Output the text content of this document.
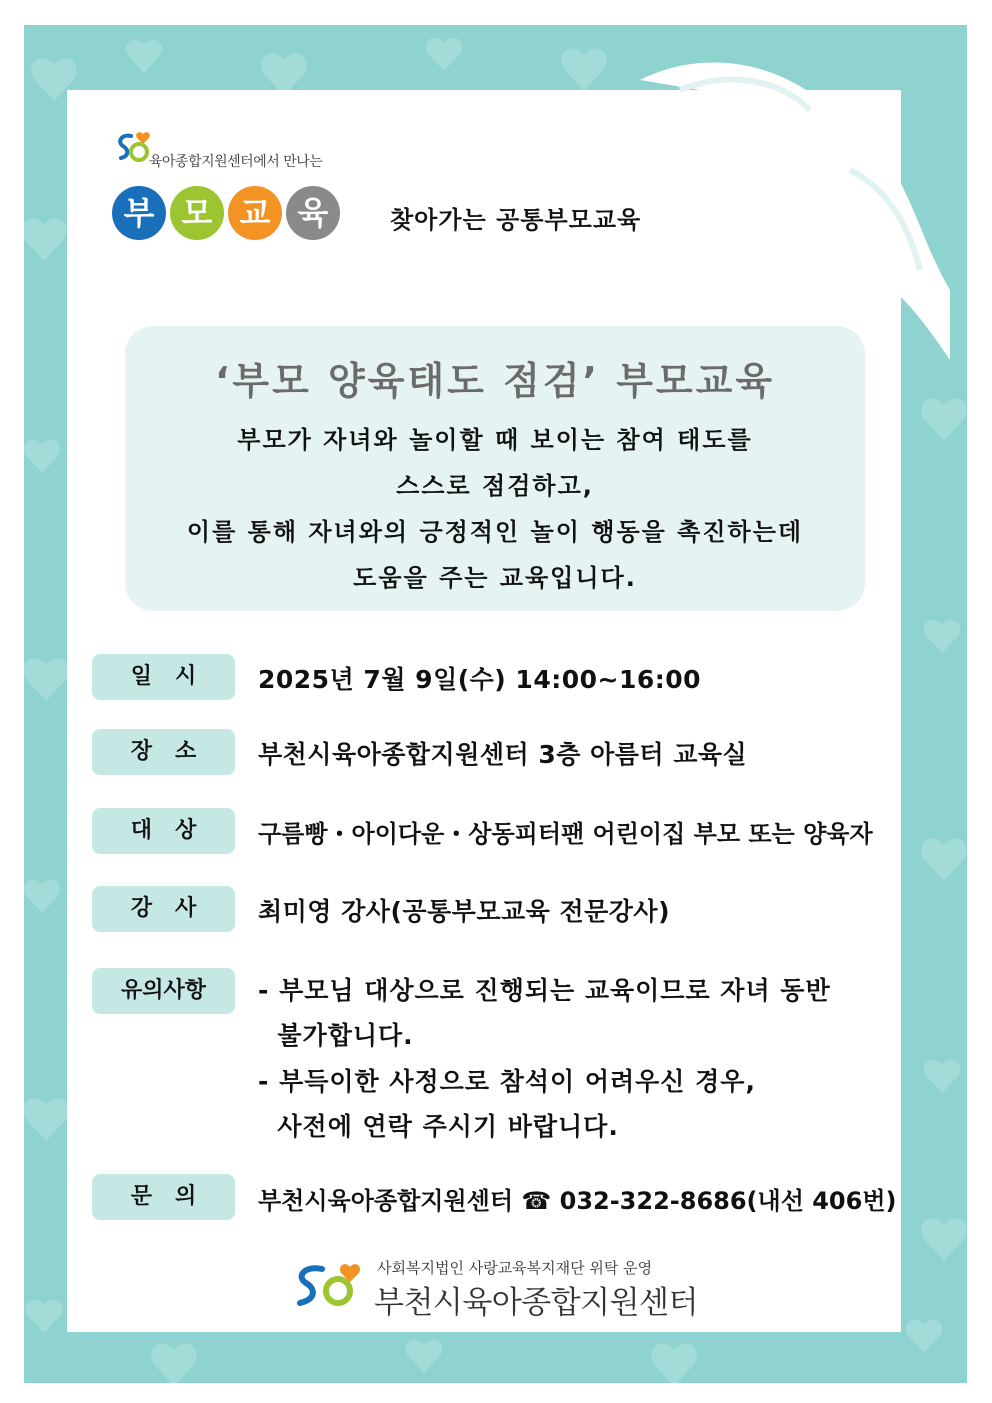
육아종합지원센터에서 만나는
부 모 교 육	찾아가는 공통부모교육
‘부모 양육태도 점검’ 부모교육
부모가 자녀와 놀이할 때 보이는 참여 태도를
스스로 점검하고,
이를 통해 자녀와의 긍정적인 놀이 행동을 촉진하는데
도움을 주는 교육입니다.
일   시	2025년 7월 9일(수) 14:00~16:00
장   소	부천시육아종합지원센터 3층 아름터 교육실
대   상	구름빵・아이다운・상동피터팬 어린이집 부모 또는 양육자
강   사	최미영 강사(공통부모교육 전문강사)
유의사항	- 부모님 대상으로 진행되는 교육이므로 자녀 동반
불가합니다.
- 부득이한 사정으로 참석이 어려우신 경우,
사전에 연락 주시기 바랍니다.
문   의	부천시육아종합지원센터 ☎ 032-322-8686(내선 406번)
사회복지법인 사랑교육복지재단 위탁 운영
부천시육아종합지원센터
